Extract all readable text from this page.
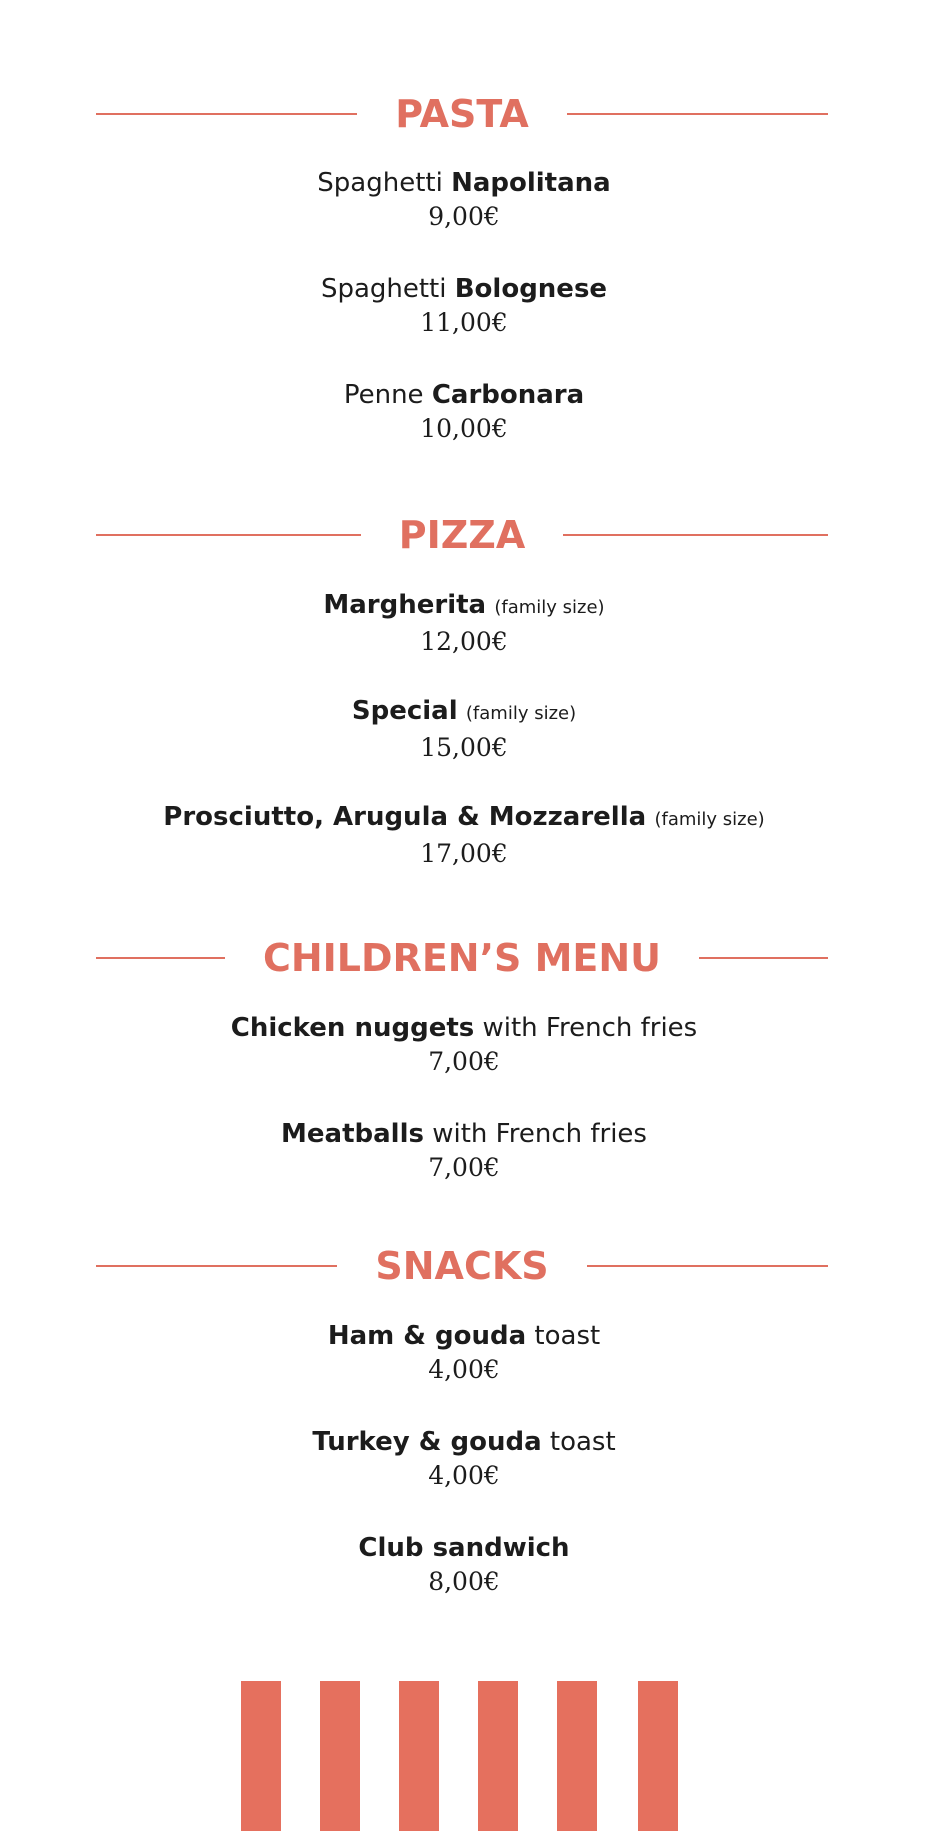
PASTA
Spaghetti Napolitana
9,00€
Spaghetti Bolognese
11,00€
Penne Carbonara
10,00€
PIZZA
Margherita (family size)
12,00€
Special (family size)
15,00€
Prosciutto, Arugula & Mozzarella (family size)
17,00€
CHILDREN’S MENU
Chicken nuggets with French fries
7,00€
Meatballs with French fries
7,00€
SNACKS
Ham & gouda toast
4,00€
Turkey & gouda toast
4,00€
Club sandwich
8,00€
